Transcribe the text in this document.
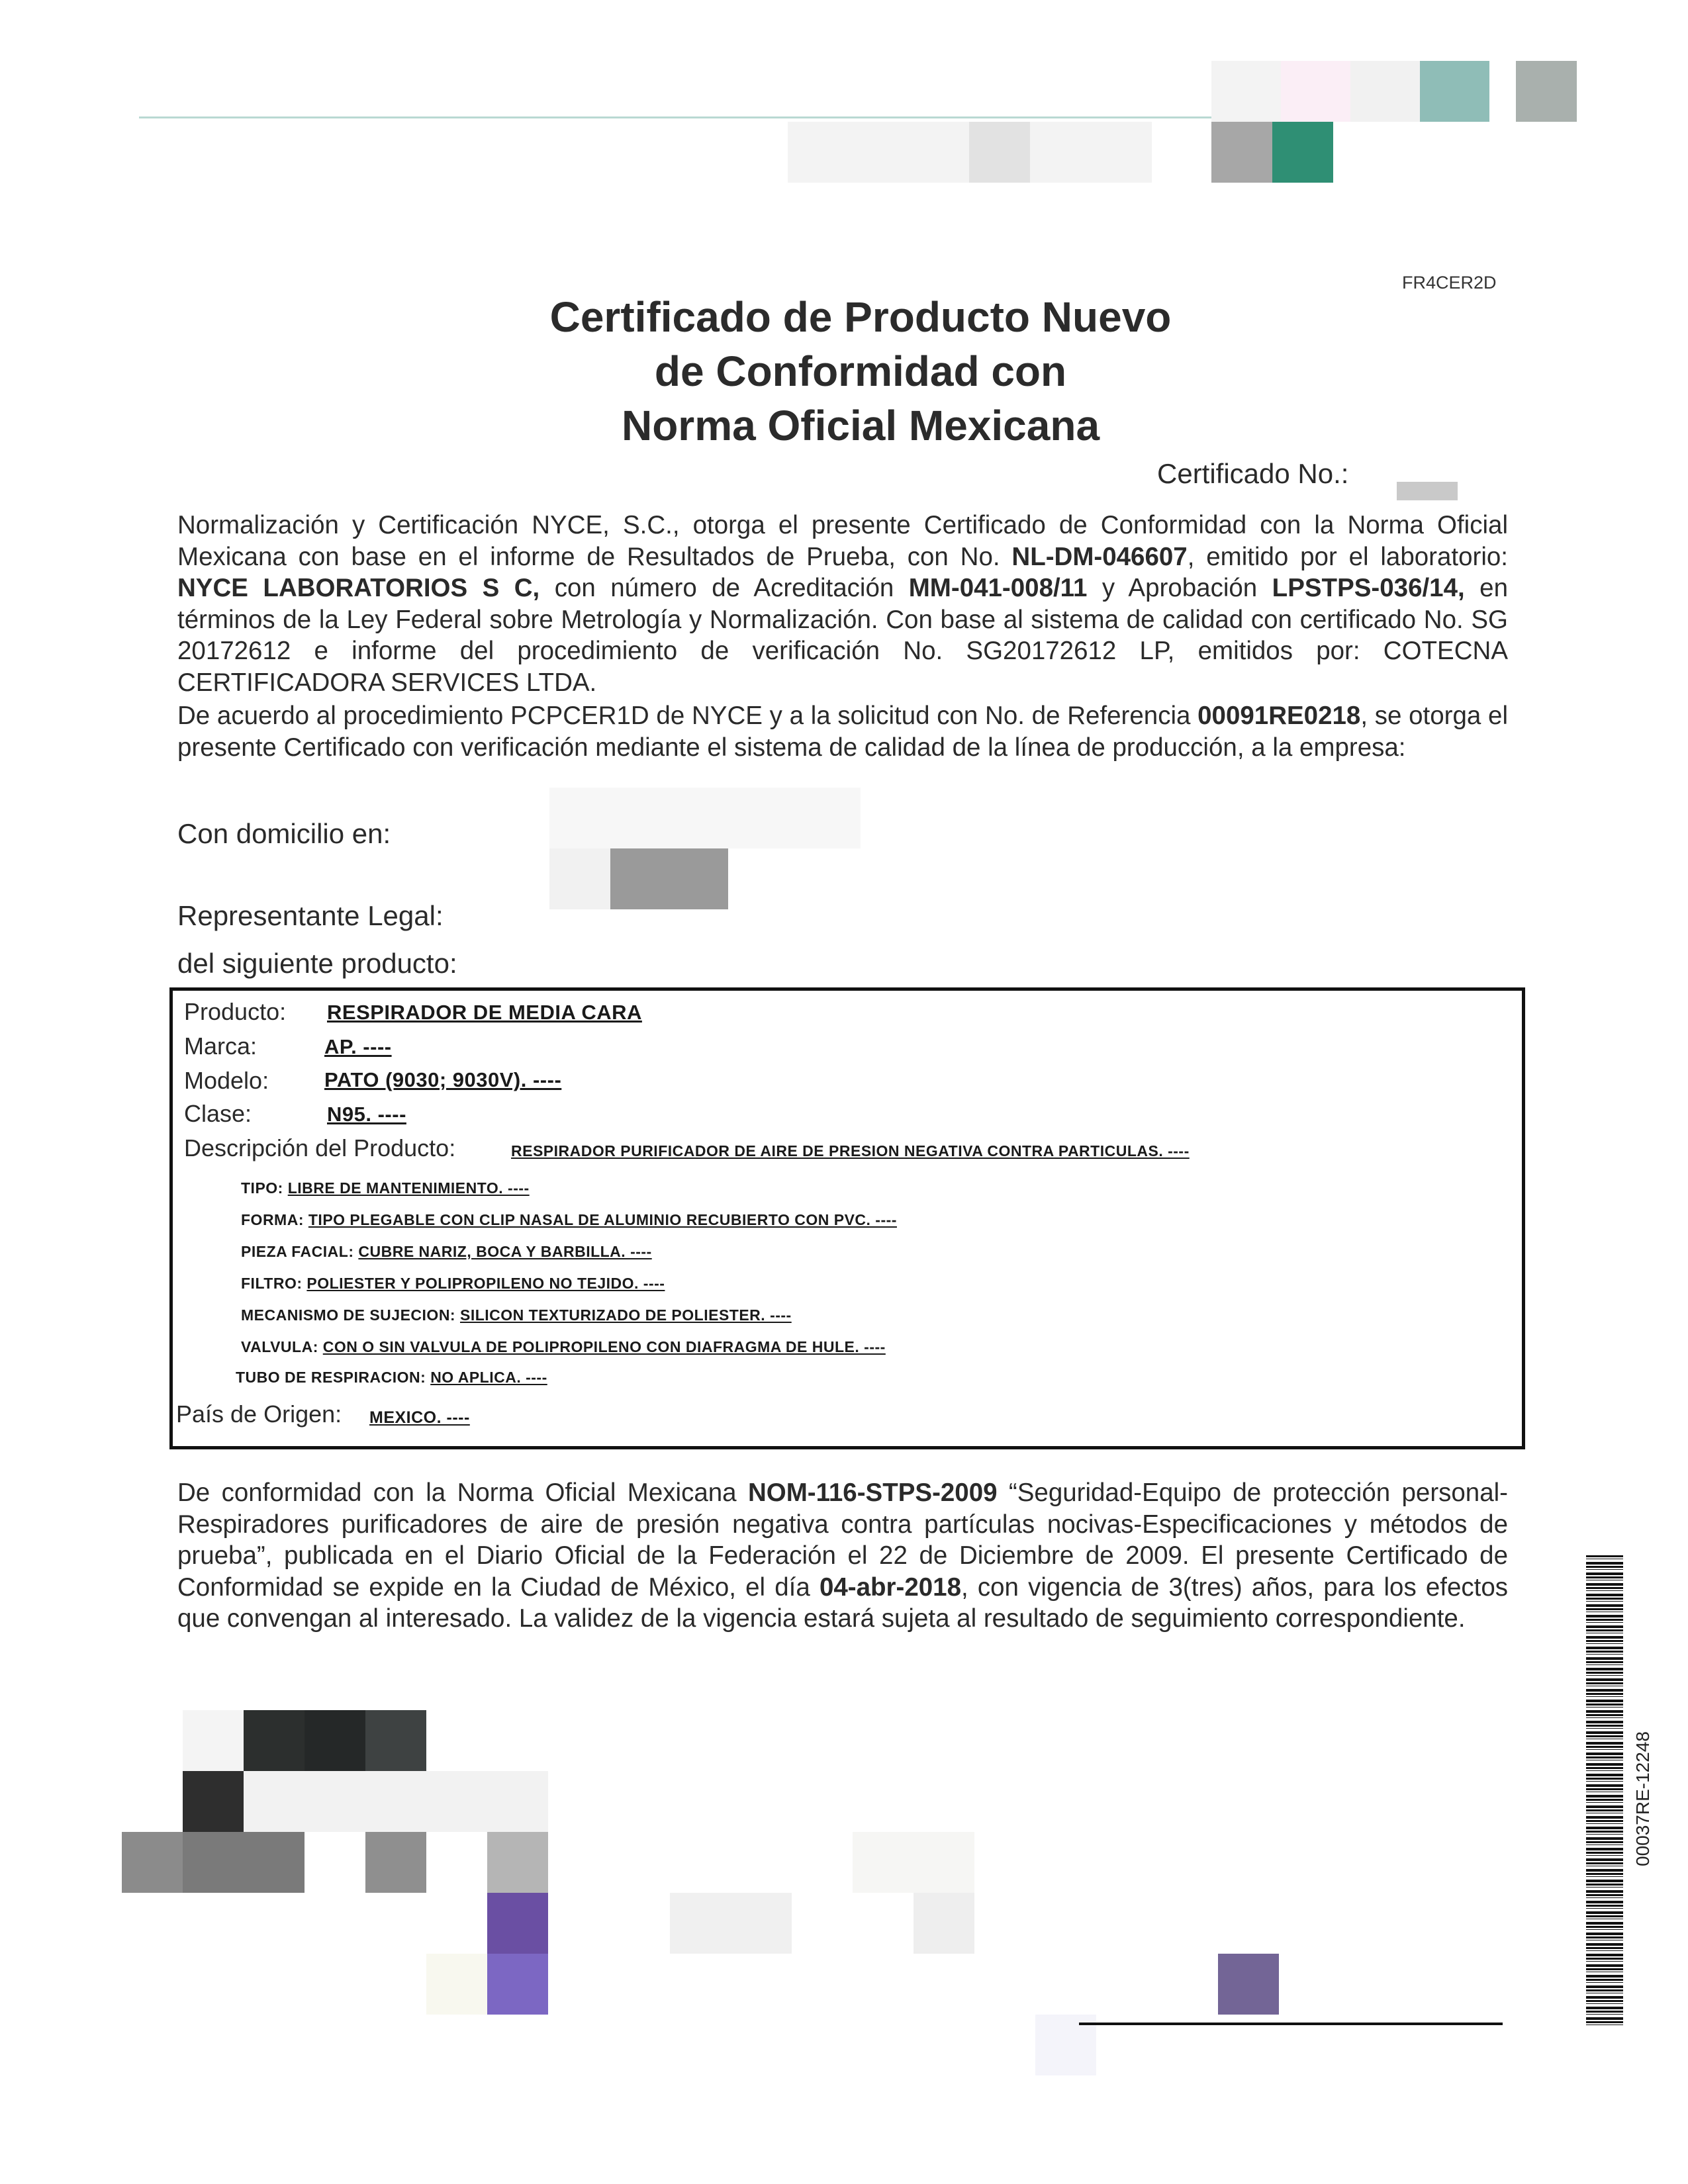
FR4CER2D
Certificado de Producto Nuevo
de Conformidad con
Norma Oficial Mexicana
Certificado No.:
Normalización y Certificación NYCE, S.C., otorga el presente Certificado de Conformidad con la Norma Oficial Mexicana con base en el informe de Resultados de Prueba, con No. NL-DM-046607, emitido por el laboratorio: NYCE LABORATORIOS S C, con número de Acreditación MM-041-008/11 y Aprobación LPSTPS-036/14, en términos de la Ley Federal sobre Metrología y Normalización. Con base al sistema de calidad con certificado No. SG 20172612 e informe del procedimiento de verificación No. SG20172612 LP, emitidos por: COTECNA CERTIFICADORA SERVICES LTDA.
De acuerdo al procedimiento PCPCER1D de NYCE y a la solicitud con No. de Referencia 00091RE0218, se otorga el presente Certificado con verificación mediante el sistema de calidad de la línea de producción, a la empresa:
Con domicilio en:
Representante Legal:
del siguiente producto:
Producto: RESPIRADOR DE MEDIA CARA
Marca:	AP. ----
Modelo:	PATO (9030; 9030V). ----
Clase:	N95. ----
Descripción del Producto:	RESPIRADOR PURIFICADOR DE AIRE DE PRESION NEGATIVA CONTRA PARTICULAS. ----
TIPO: LIBRE DE MANTENIMIENTO. ----
FORMA: TIPO PLEGABLE CON CLIP NASAL DE ALUMINIO RECUBIERTO CON PVC. ----
PIEZA FACIAL: CUBRE NARIZ, BOCA Y BARBILLA. ----
FILTRO: POLIESTER Y POLIPROPILENO NO TEJIDO. ----
MECANISMO DE SUJECION: SILICON TEXTURIZADO DE POLIESTER. ----
VALVULA: CON O SIN VALVULA DE POLIPROPILENO CON DIAFRAGMA DE HULE. ----
TUBO DE RESPIRACION: NO APLICA. ----
País de Origen: MEXICO. ----
De conformidad con la Norma Oficial Mexicana NOM-116-STPS-2009 “Seguridad-Equipo de protección personal-Respiradores purificadores de aire de presión negativa contra partículas nocivas-Especificaciones y métodos de prueba”, publicada en el Diario Oficial de la Federación el 22 de Diciembre de 2009. El presente Certificado de Conformidad se expide en la Ciudad de México, el día 04-abr-2018, con vigencia de 3(tres) años, para los efectos que convengan al interesado. La validez de la vigencia estará sujeta al resultado de seguimiento correspondiente.
00037RE-12248
